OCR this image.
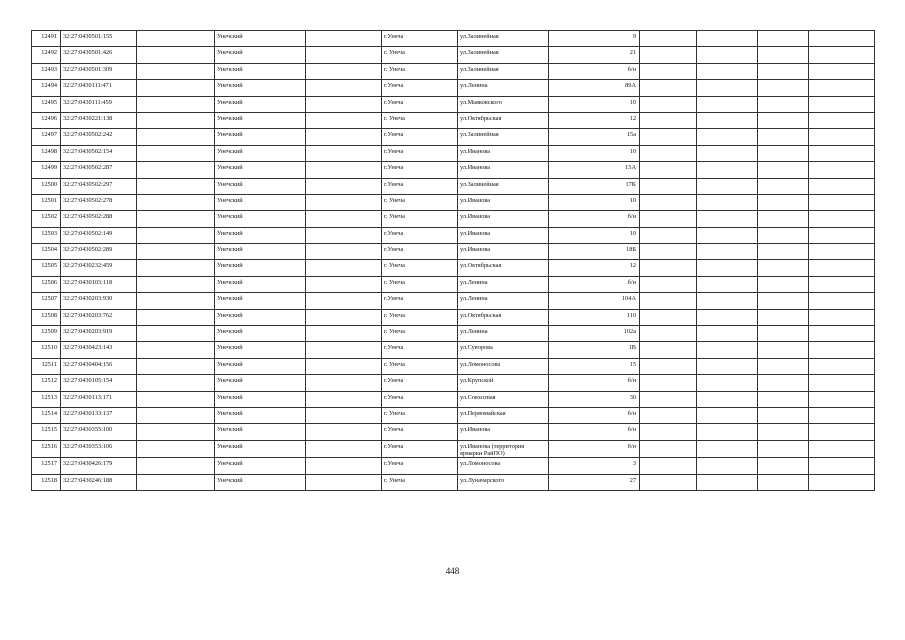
12491	32:27:0430501:155		Унечский		г.Унеча	ул.Залинейная	9				
12492	32:27:0430501:426		Унечский		г. Унеча	ул.Залинейная	21				
12493	32:27:0430501:309		Унечский		г. Унеча	ул.Залинейная	б/н				
12494	32:27:0430111:471		Унечский		г.Унеча	ул.Ленина	89А				
12495	32:27:0430111:459		Унечский		г.Унеча	ул.Маяковского	10				
12496	32:27:0430221:138		Унечский		г. Унеча	ул.Октябрьская	12				
12497	32:27:0430502:242		Унечский		г.Унеча	ул.Залинейная	15а				
12498	32:27:0430502:154		Унечский		г.Унеча	ул.Иванова	10				
12499	32:27:0430502:287		Унечский		г.Унеча	ул.Иванова	15А				
12500	32:27:0430502:297		Унечский		г.Унеча	ул.Залинейная	17К				
12501	32:27:0430502:278		Унечский		г. Унеча	ул.Иванова	10				
12502	32:27:0430502:288		Унечский		г. Унеча	ул.Иванова	б/н				
12503	32:27:0430502:149		Унечский		г.Унеча	ул.Иванова	10				
12504	32:27:0430502:289		Унечский		г.Унеча	ул.Иванова	18Б				
12505	32:27:0430232:459		Унечский		г. Унеча	ул.Октябрьская	12				
12506	32:27:0430103:118		Унечский		г. Унеча	ул.Ленина	б/н				
12507	32:27:0430203:930		Унечский		г.Унеча	ул.Ленина	104А				
12508	32:27:0430203:762		Унечский		г. Унеча	ул.Октябрьская	110				
12509	32:27:0430203:919		Унечский		г. Унеча	ул.Ленина	102а				
12510	32:27:0430423:143		Унечский		г.Унеча	ул.Суворова	1В				
12511	32:27:0430404:156		Унечский		г. Унеча	ул.Ломоносова	15				
12512	32:27:0430105:154		Унечский		г.Унеча	ул.Крупской	б/н				
12513	32:27:0430113:171		Унечский		г.Унеча	ул.Совхозная	30				
12514	32:27:0430133:137		Унечский		г. Унеча	ул.Первомайская	б/н				
12515	32:27:0430355:100		Унечский		г.Унеча	ул.Иванова	б/н				
12516	32:27:0430353:106		Унечский		г.Унеча	ул.Иванова (территория ярмарки РайПО)	б/н				
12517	32:27:0430426:179		Унечский		г.Унеча	ул.Ломоносова	3				
12518	32:27:0430246:188		Унечский		г. Унеча	ул.Луначарского	27				
448
